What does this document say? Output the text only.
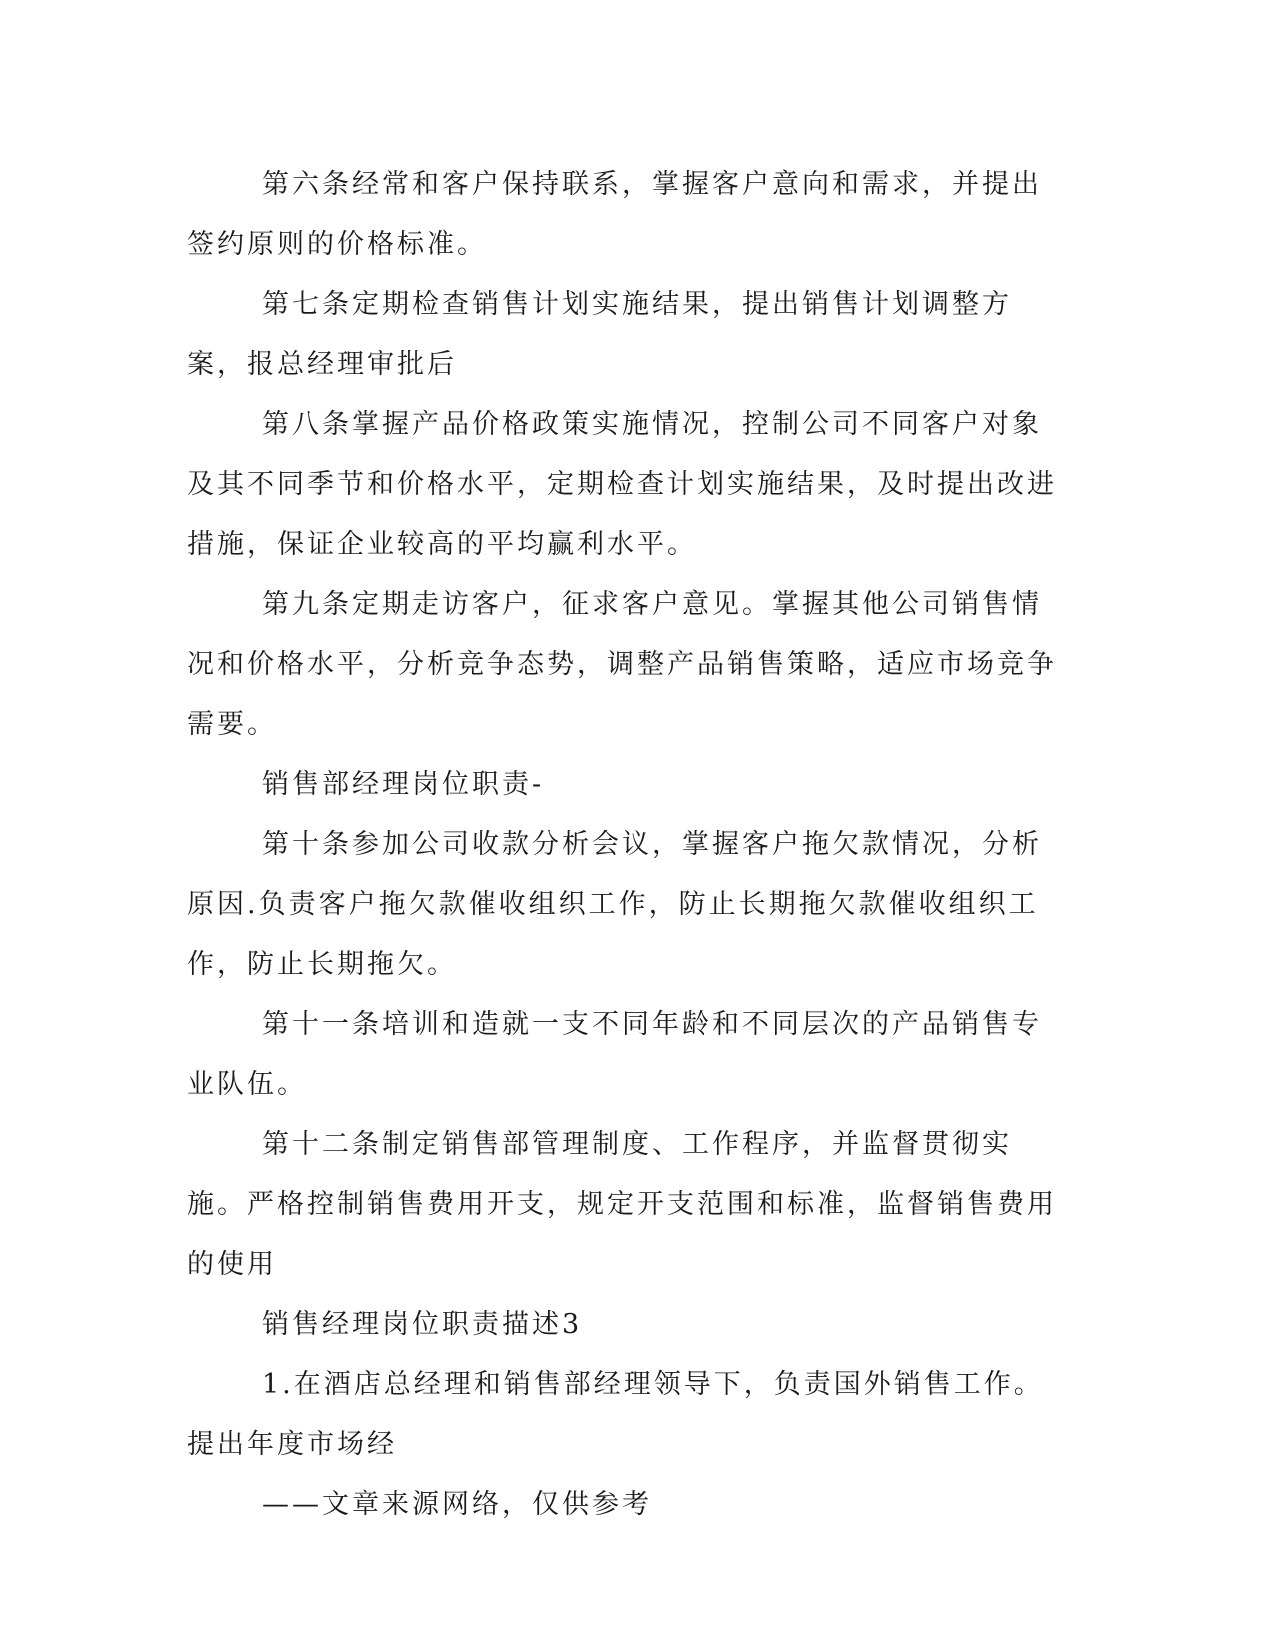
第六条经常和客户保持联系，掌握客户意向和需求，并提出签约原则的价格标准。

第七条定期检查销售计划实施结果，提出销售计划调整方案，报总经理审批后

第八条掌握产品价格政策实施情况，控制公司不同客户对象及其不同季节和价格水平，定期检查计划实施结果，及时提出改进措施，保证企业较高的平均赢利水平。

第九条定期走访客户，征求客户意见。掌握其他公司销售情况和价格水平，分析竞争态势，调整产品销售策略，适应市场竞争需要。

销售部经理岗位职责-

第十条参加公司收款分析会议，掌握客户拖欠款情况，分析原因.负责客户拖欠款催收组织工作，防止长期拖欠款催收组织工作，防止长期拖欠。

第十一条培训和造就一支不同年龄和不同层次的产品销售专业队伍。

第十二条制定销售部管理制度、工作程序，并监督贯彻实施。严格控制销售费用开支，规定开支范围和标准，监督销售费用的使用

销售经理岗位职责描述3

1.在酒店总经理和销售部经理领导下，负责国外销售工作。提出年度市场经

——文章来源网络，仅供参考
